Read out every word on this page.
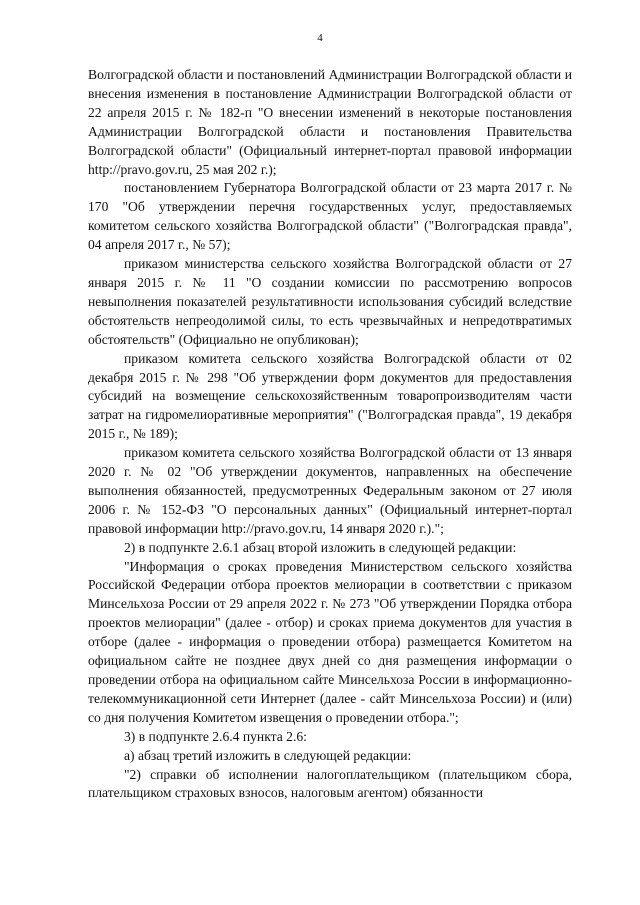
4

Волгоградской области и постановлений Администрации Волгоградской области и внесения изменения в постановление Администрации Волгоградской области от 22 апреля 2015 г. № 182-п "О внесении изменений в некоторые постановления Администрации Волгоградской области и постановления Правительства Волгоградской области" (Официальный интернет-портал правовой информации http://pravo.gov.ru, 25 мая 202 г.);

постановлением Губернатора Волгоградской области от 23 марта 2017 г. № 170 "Об утверждении перечня государственных услуг, предоставляемых комитетом сельского хозяйства Волгоградской области" ("Волгоградская правда", 04 апреля 2017 г., № 57);

приказом министерства сельского хозяйства Волгоградской области от 27 января 2015 г. № 11 "О создании комиссии по рассмотрению вопросов невыполнения показателей результативности использования субсидий вследствие обстоятельств непреодолимой силы, то есть чрезвычайных и непредотвратимых обстоятельств" (Официально не опубликован);

приказом комитета сельского хозяйства Волгоградской области от 02 декабря 2015 г. № 298 "Об утверждении форм документов для предоставления субсидий на возмещение сельскохозяйственным товаропроизводителям части затрат на гидромелиоративные мероприятия" ("Волгоградская правда", 19 декабря 2015 г., № 189);

приказом комитета сельского хозяйства Волгоградской области от 13 января 2020 г. № 02 "Об утверждении документов, направленных на обеспечение выполнения обязанностей, предусмотренных Федеральным законом от 27 июля 2006 г. № 152-ФЗ "О персональных данных" (Официальный интернет-портал правовой информации http://pravo.gov.ru, 14 января 2020 г.).";

2) в подпункте 2.6.1 абзац второй изложить в следующей редакции:

"Информация о сроках проведения Министерством сельского хозяйства Российской Федерации отбора проектов мелиорации в соответствии с приказом Минсельхоза России от 29 апреля 2022 г. № 273 "Об утверждении Порядка отбора проектов мелиорации" (далее - отбор) и сроках приема документов для участия в отборе (далее - информация о проведении отбора) размещается Комитетом на официальном сайте не позднее двух дней со дня размещения информации о проведении отбора на официальном сайте Минсельхоза России в информационно-телекоммуникационной сети Интернет (далее - сайт Минсельхоза России) и (или) со дня получения Комитетом извещения о проведении отбора.";

3) в подпункте 2.6.4 пункта 2.6:

а) абзац третий изложить в следующей редакции:

"2) справки об исполнении налогоплательщиком (плательщиком сбора, плательщиком страховых взносов, налоговым агентом) обязанности
